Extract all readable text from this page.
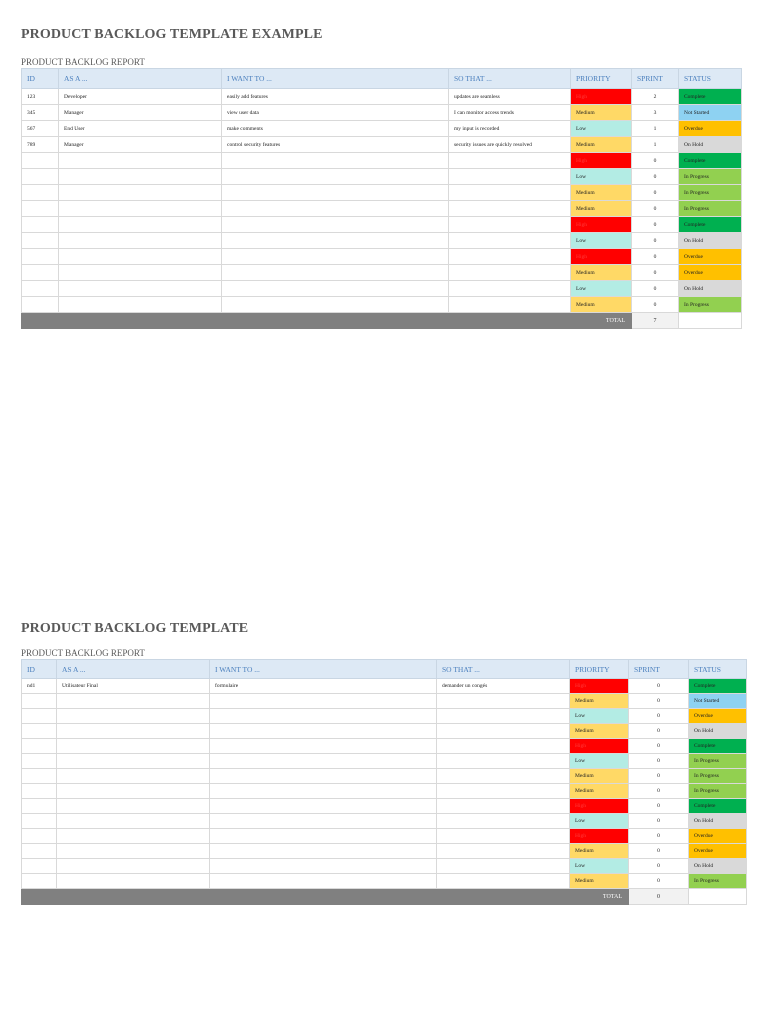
PRODUCT BACKLOG TEMPLATE EXAMPLE
PRODUCT BACKLOG REPORT
ID	AS A ...	I WANT TO ...	SO THAT ...	PRIORITY	SPRINT	STATUS
123	Developer	easily add features	updates are seamless	High	2	Complete
345	Manager	view user data	I can monitor access trends	Medium	3	Not Started
567	End User	make comments	my input is recorded	Low	1	Overdue
789	Manager	control security features	security issues are quickly resolved	Medium	1	On Hold
				High	0	Complete
				Low	0	In Progress
				Medium	0	In Progress
				Medium	0	In Progress
				High	0	Complete
				Low	0	On Hold
				High	0	Overdue
				Medium	0	Overdue
				Low	0	On Hold
				Medium	0	In Progress
TOTAL					7	
PRODUCT BACKLOG TEMPLATE
PRODUCT BACKLOG REPORT
ID	AS A ...	I WANT TO ...	SO THAT ...	PRIORITY	SPRINT	STATUS
nd1	Utilisateur Final	formulaire	demander un congés	High	0	Complete
				Medium	0	Not Started
				Low	0	Overdue
				Medium	0	On Hold
				High	0	Complete
				Low	0	In Progress
				Medium	0	In Progress
				Medium	0	In Progress
				High	0	Complete
				Low	0	On Hold
				High	0	Overdue
				Medium	0	Overdue
				Low	0	On Hold
				Medium	0	In Progress
TOTAL					0	
